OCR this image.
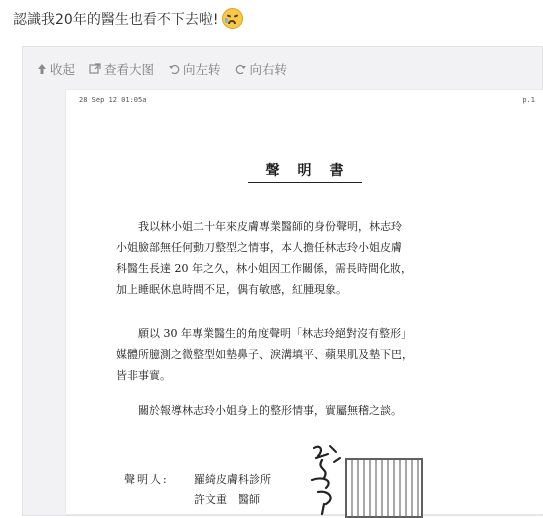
認識我20年的醫生也看不下去啦!
收起 查看大图 向左转 向右转
28 Sep 12 01:05a	p.1
聲明書
我以林小姐二十年來皮膚專業醫師的身份聲明，林志玲
小姐臉部無任何動刀整型之情事，本人擔任林志玲小姐皮膚
科醫生長達 20 年之久，林小姐因工作關係，需長時間化妝，
加上睡眠休息時間不足，偶有敏感，紅腫現象。
願以 30 年專業醫生的角度聲明「林志玲絕對沒有整形」
媒體所臆測之微整型如墊鼻子、淚溝填平、蘋果肌及墊下巴，
皆非事實。
關於報導林志玲小姐身上的整形情事，實屬無稽之談。
聲明人:	羅綺皮膚科診所
許文重　醫師
